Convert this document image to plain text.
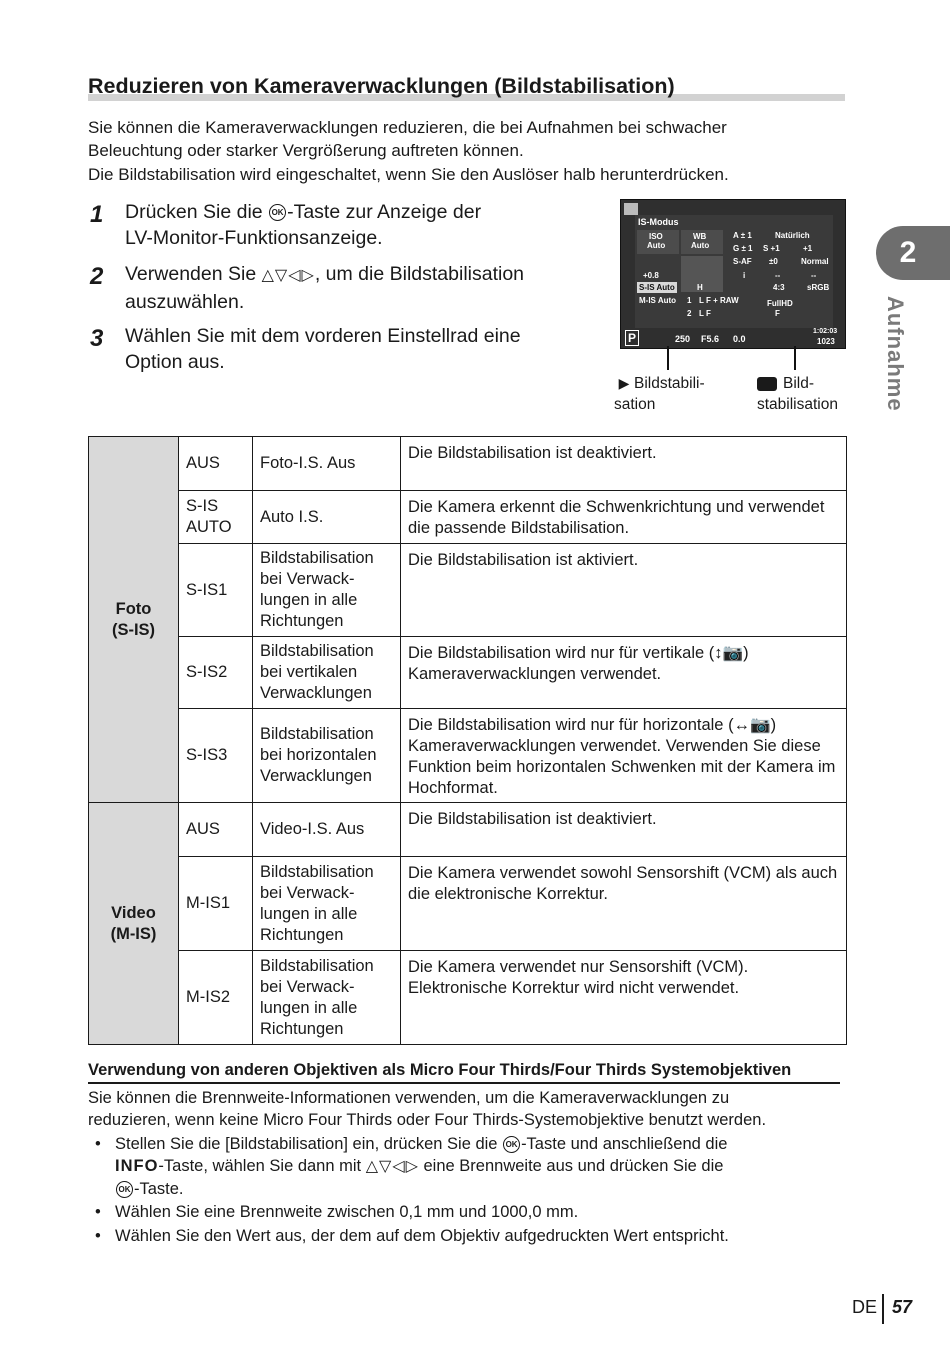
Reduzieren von Kameraverwacklungen (Bildstabilisation)
Sie können die Kameraverwacklungen reduzieren, die bei Aufnahmen bei schwacher
Beleuchtung oder starker Vergrößerung auftreten können.
Die Bildstabilisation wird eingeschaltet, wenn Sie den Auslöser halb herunterdrücken.
1 Drücken Sie die OK -Taste zur Anzeige der
LV-Monitor-Funktionsanzeige.
2 Verwenden Sie △▽◁▷, um die Bildstabilisation
auszuwählen.
3 Wählen Sie mit dem vorderen Einstellrad eine
Option aus.
IS-Modus
ISO
Auto
WB
Auto
A ± 1	Natürlich
G ± 1 S +1	+1
S-AF ±0	Normal
+0.8	i	--	--
S-IS Auto	H	4:3	sRGB
M-IS Auto 1 L F + RAW	FullHD
2 L F	F
P	250 F5.6 0.0
1:02:03
1023
▶︎ Bildstabili-
sation
Bild-
stabilisation
2
Aufnahme
Foto
(S-IS)	AUS	Foto-I.S. Aus	Die Bildstabilisation ist deaktiviert.
	S-IS AUTO	Auto I.S.	Die Kamera erkennt die Schwenkrichtung und verwendet die passende Bildstabilisation.
	S-IS1	Bildstabilisation bei Verwack- lungen in alle Richtungen	Die Bildstabilisation ist aktiviert.
	S-IS2	Bildstabilisation bei vertikalen Verwacklungen	Die Bildstabilisation wird nur für vertikale (↕📷) Kameraverwacklungen verwendet.
	S-IS3	Bildstabilisation bei horizontalen Verwacklungen	Die Bildstabilisation wird nur für horizontale (↔📷) Kameraverwacklungen verwendet. Verwenden Sie diese Funktion beim horizontalen Schwenken mit der Kamera im Hochformat.
Video
(M-IS)	AUS	Video-I.S. Aus	Die Bildstabilisation ist deaktiviert.
	M-IS1	Bildstabilisation bei Verwack- lungen in alle Richtungen	Die Kamera verwendet sowohl Sensorshift (VCM) als auch die elektronische Korrektur.
	M-IS2	Bildstabilisation bei Verwack- lungen in alle Richtungen	Die Kamera verwendet nur Sensorshift (VCM). Elektronische Korrektur wird nicht verwendet.
Verwendung von anderen Objektiven als Micro Four Thirds/Four Thirds Systemobjektiven
Sie können die Brennweite-Informationen verwenden, um die Kameraverwacklungen zu
reduzieren, wenn keine Micro Four Thirds oder Four Thirds-Systemobjektive benutzt werden.
• Stellen Sie die [Bildstabilisation] ein, drücken Sie die OK -Taste und anschließend die
INFO-Taste, wählen Sie dann mit △▽◁▷ eine Brennweite aus und drücken Sie die
OK -Taste.
• Wählen Sie eine Brennweite zwischen 0,1 mm und 1000,0 mm.
• Wählen Sie den Wert aus, der dem auf dem Objektiv aufgedruckten Wert entspricht.
DE 57
